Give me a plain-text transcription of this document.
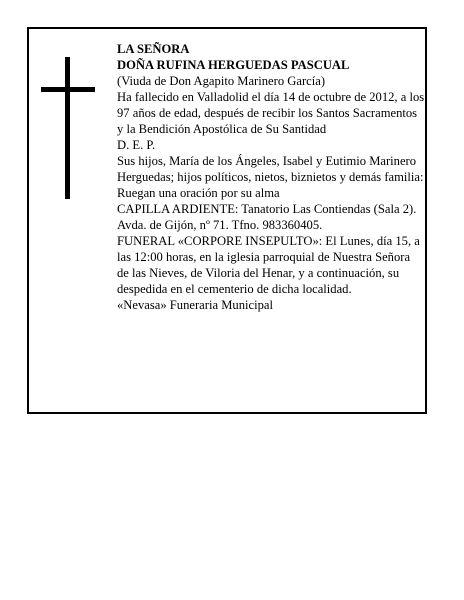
LA SEÑORA

DOÑA RUFINA HERGUEDAS PASCUAL

(Viuda de Don Agapito Marinero García)

Ha fallecido en Valladolid el día 14 de octubre de 2012, a los 97 años de edad, después de recibir los Santos Sacramentos y la Bendición Apostólica de Su Santidad

D. E. P.

Sus hijos, María de los Ángeles, Isabel y Eutimio Marinero Herguedas; hijos políticos, nietos, biznietos y demás familia:

Ruegan una oración por su alma

CAPILLA ARDIENTE: Tanatorio Las Contiendas (Sala 2). Avda. de Gijón, nº 71. Tfno. 983360405.

FUNERAL «CORPORE INSEPULTO»: El Lunes, día 15, a las 12:00 horas, en la iglesia parroquial de Nuestra Señora de las Nieves, de Viloria del Henar, y a continuación, su despedida en el cementerio de dicha localidad.

«Nevasa» Funeraria Municipal
